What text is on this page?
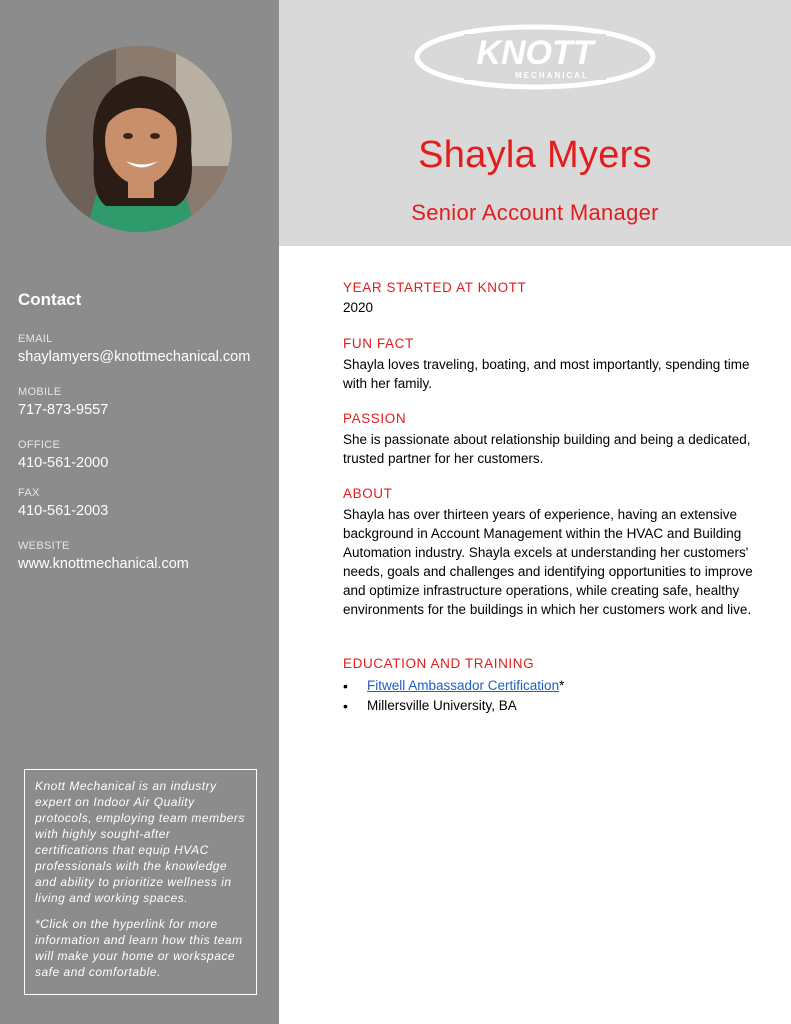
KNOTT
MECHANICAL
Shayla Myers
Senior Account Manager
Contact
EMAIL
shaylamyers@knottmechanical.com
MOBILE
717-873-9557
OFFICE
410-561-2000
FAX
410-561-2003
WEBSITE
www.knottmechanical.com

Knott Mechanical is an industry expert on Indoor Air Quality protocols, employing team members with highly sought-after certifications that equip HVAC professionals with the knowledge and ability to prioritize wellness in living and working spaces.

*Click on the hyperlink for more information and learn how this team will make your home or workspace safe and comfortable.

YEAR STARTED AT KNOTT
2020
FUN FACT
Shayla loves traveling, boating, and most importantly, spending time with her family.
PASSION
She is passionate about relationship building and being a dedicated, trusted partner for her customers.
ABOUT
Shayla has over thirteen years of experience, having an extensive background in Account Management within the HVAC and Building Automation industry. Shayla excels at understanding her customers' needs, goals and challenges and identifying opportunities to improve and optimize infrastructure operations, while creating safe, healthy environments for the buildings in which her customers work and live.
EDUCATION AND TRAINING
• Fitwell Ambassador Certification*
• Millersville University, BA
